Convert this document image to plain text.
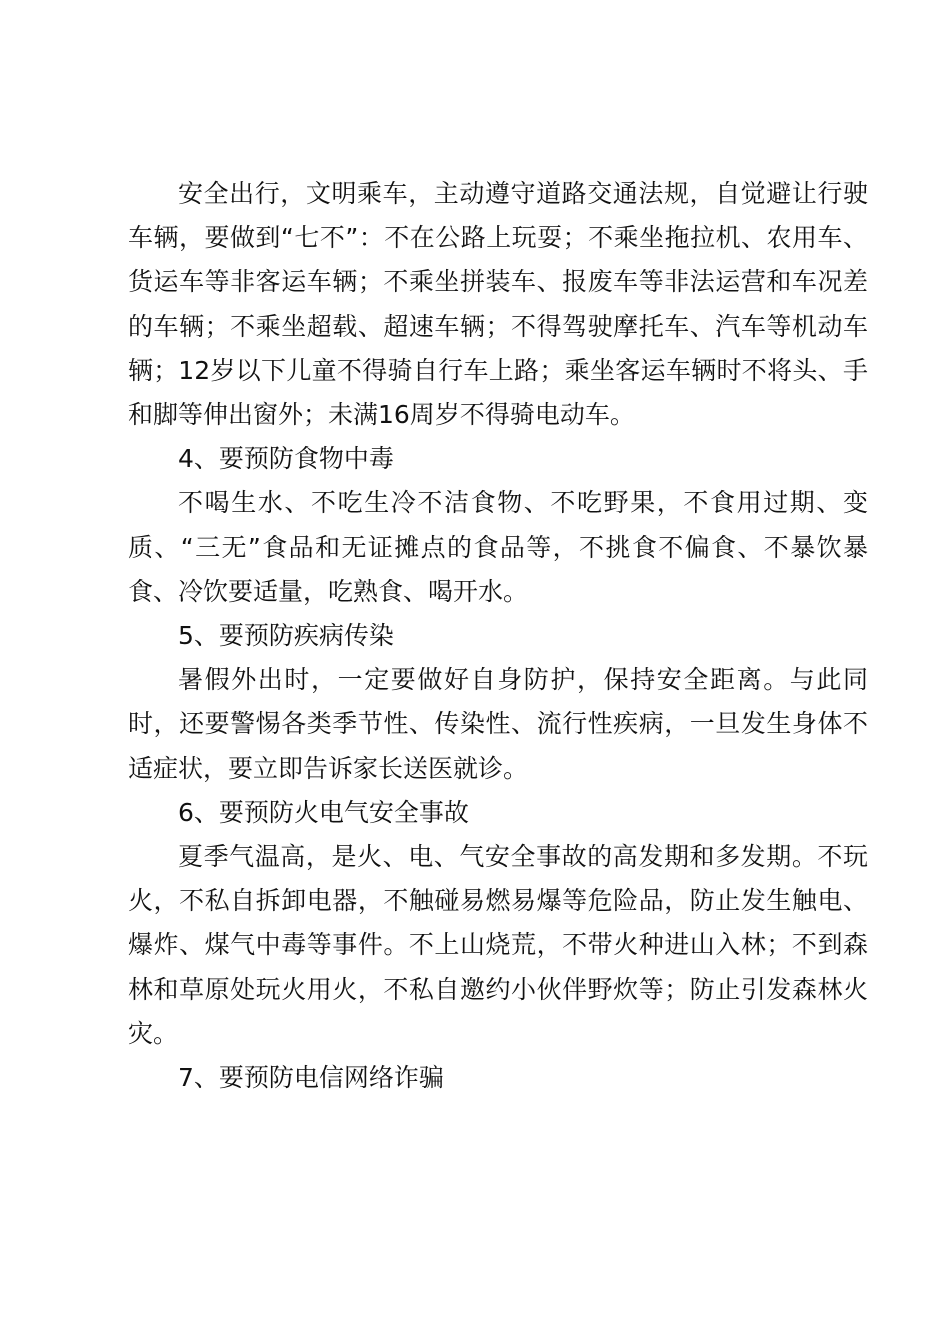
安全出行，文明乘车，主动遵守道路交通法规，自觉避让行驶车辆，要做到“七不”：不在公路上玩耍；不乘坐拖拉机、农用车、货运车等非客运车辆；不乘坐拼装车、报废车等非法运营和车况差的车辆；不乘坐超载、超速车辆；不得驾驶摩托车、汽车等机动车辆；12岁以下儿童不得骑自行车上路；乘坐客运车辆时不将头、手和脚等伸出窗外；未满16周岁不得骑电动车。

4、要预防食物中毒

不喝生水、不吃生冷不洁食物、不吃野果，不食用过期、变质、“三无”食品和无证摊点的食品等，不挑食不偏食、不暴饮暴食、冷饮要适量，吃熟食、喝开水。

5、要预防疾病传染

暑假外出时，一定要做好自身防护，保持安全距离。与此同时，还要警惕各类季节性、传染性、流行性疾病，一旦发生身体不适症状，要立即告诉家长送医就诊。

6、要预防火电气安全事故

夏季气温高，是火、电、气安全事故的高发期和多发期。不玩火，不私自拆卸电器，不触碰易燃易爆等危险品，防止发生触电、爆炸、煤气中毒等事件。不上山烧荒，不带火种进山入林；不到森林和草原处玩火用火，不私自邀约小伙伴野炊等；防止引发森林火灾。

7、要预防电信网络诈骗
